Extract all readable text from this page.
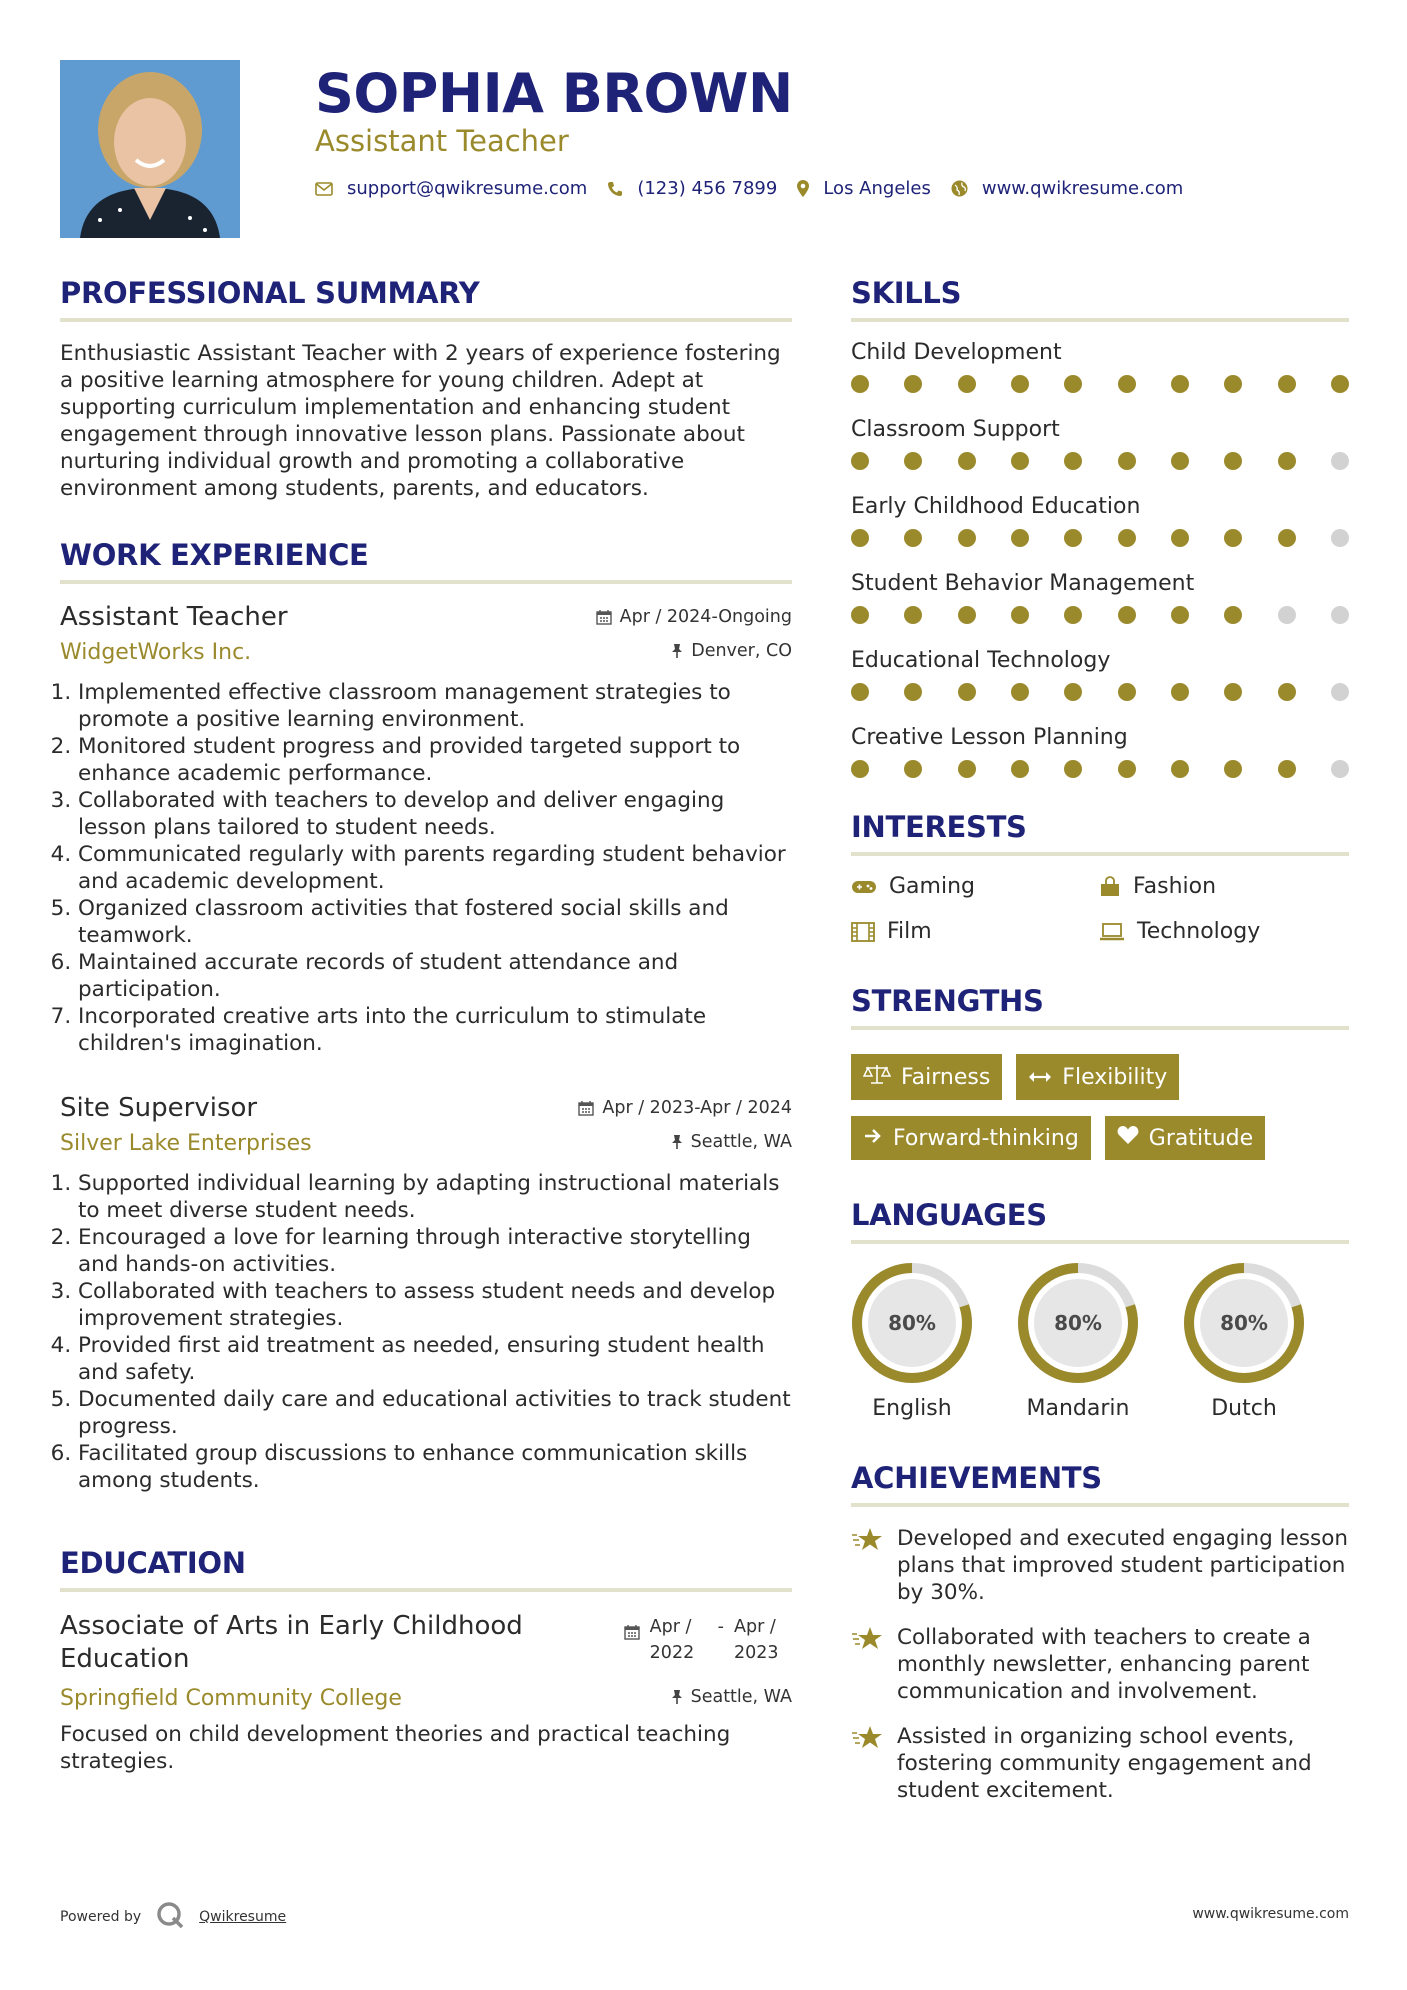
SOPHIA BROWN
Assistant Teacher
support@qwikresume.com	(123) 456 7899	Los Angeles	www.qwikresume.com
PROFESSIONAL SUMMARY

Enthusiastic Assistant Teacher with 2 years of experience fostering a positive learning atmosphere for young children. Adept at supporting curriculum implementation and enhancing student engagement through innovative lesson plans. Passionate about nurturing individual growth and promoting a collaborative environment among students, parents, and educators.

WORK EXPERIENCE
Assistant Teacher	Apr / 2024-Ongoing
WidgetWorks Inc.	Denver, CO
1. Implemented effective classroom management strategies to promote a positive learning environment.
2. Monitored student progress and provided targeted support to enhance academic performance.
3. Collaborated with teachers to develop and deliver engaging lesson plans tailored to student needs.
4. Communicated regularly with parents regarding student behavior and academic development.
5. Organized classroom activities that fostered social skills and teamwork.
6. Maintained accurate records of student attendance and participation.
7. Incorporated creative arts into the curriculum to stimulate children's imagination.
Site Supervisor	Apr / 2023-Apr / 2024
Silver Lake Enterprises	Seattle, WA
1. Supported individual learning by adapting instructional materials to meet diverse student needs.
2. Encouraged a love for learning through interactive storytelling and hands-on activities.
3. Collaborated with teachers to assess student needs and develop improvement strategies.
4. Provided first aid treatment as needed, ensuring student health and safety.
5. Documented daily care and educational activities to track student progress.
6. Facilitated group discussions to enhance communication skills among students.
EDUCATION
Associate of Arts in Early Childhood Education
Apr / 2022
- Apr / 2023
Springfield Community College	Seattle, WA

Focused on child development theories and practical teaching strategies.

SKILLS
Child Development
Classroom Support
Early Childhood Education
Student Behavior Management
Educational Technology
Creative Lesson Planning
INTERESTS
Gaming	Fashion
Film	Technology
STRENGTHS
Fairness	Flexibility
Forward-thinking	Gratitude
LANGUAGES
80%
English
80%
Mandarin
80%
Dutch
ACHIEVEMENTS
Developed and executed engaging lesson plans that improved student participation by 30%.
Collaborated with teachers to create a monthly newsletter, enhancing parent communication and involvement.
Assisted in organizing school events, fostering community engagement and student excitement.
Powered by	Qwikresume	www.qwikresume.com
